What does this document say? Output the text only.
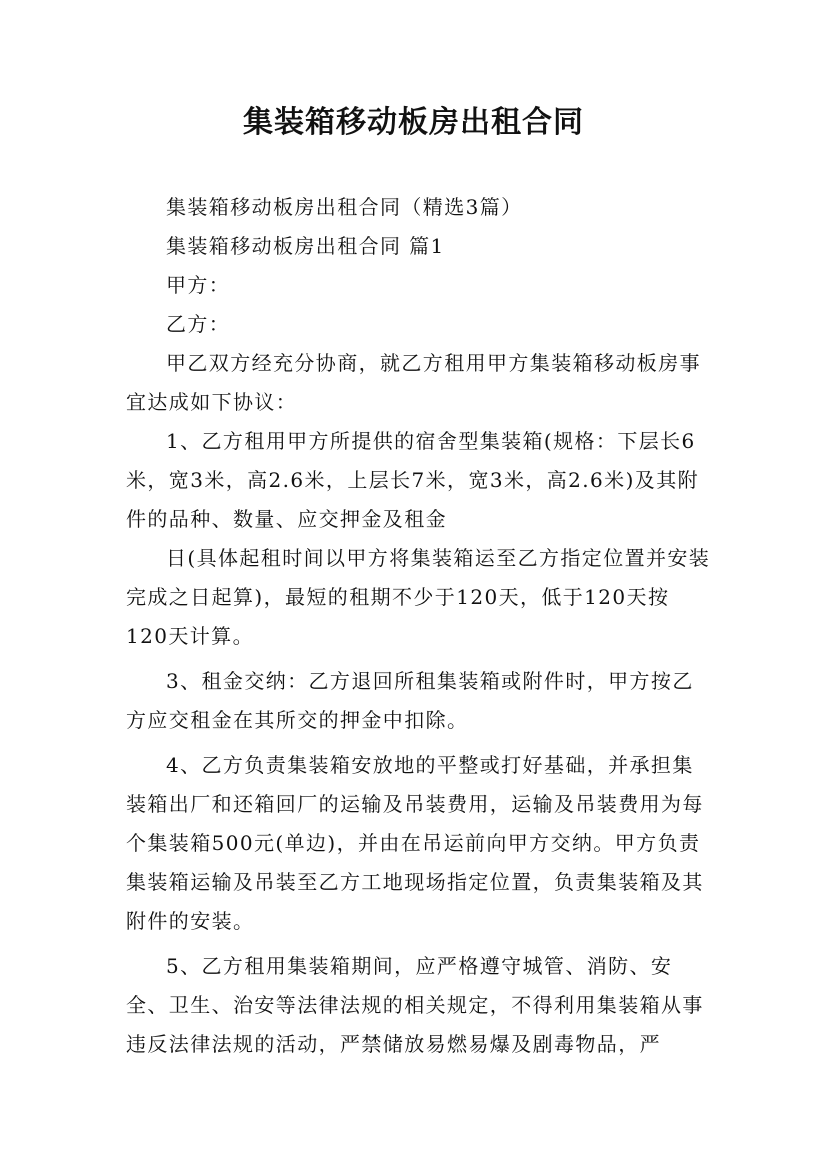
集装箱移动板房出租合同

集装箱移动板房出租合同（精选3篇）

集装箱移动板房出租合同 篇1

甲方：

乙方：

甲乙双方经充分协商，就乙方租用甲方集装箱移动板房事宜达成如下协议：

1、乙方租用甲方所提供的宿舍型集装箱(规格：下层长6米，宽3米，高2.6米，上层长7米，宽3米，高2.6米)及其附件的品种、数量、应交押金及租金

日(具体起租时间以甲方将集装箱运至乙方指定位置并安装完成之日起算)，最短的租期不少于120天，低于120天按120天计算。

3、租金交纳：乙方退回所租集装箱或附件时，甲方按乙方应交租金在其所交的押金中扣除。

4、乙方负责集装箱安放地的平整或打好基础，并承担集装箱出厂和还箱回厂的运输及吊装费用，运输及吊装费用为每个集装箱500元(单边)，并由在吊运前向甲方交纳。甲方负责集装箱运输及吊装至乙方工地现场指定位置，负责集装箱及其附件的安装。

5、乙方租用集装箱期间，应严格遵守城管、消防、安全、卫生、治安等法律法规的相关规定，不得利用集装箱从事违反法律法规的活动，严禁储放易燃易爆及剧毒物品，严
